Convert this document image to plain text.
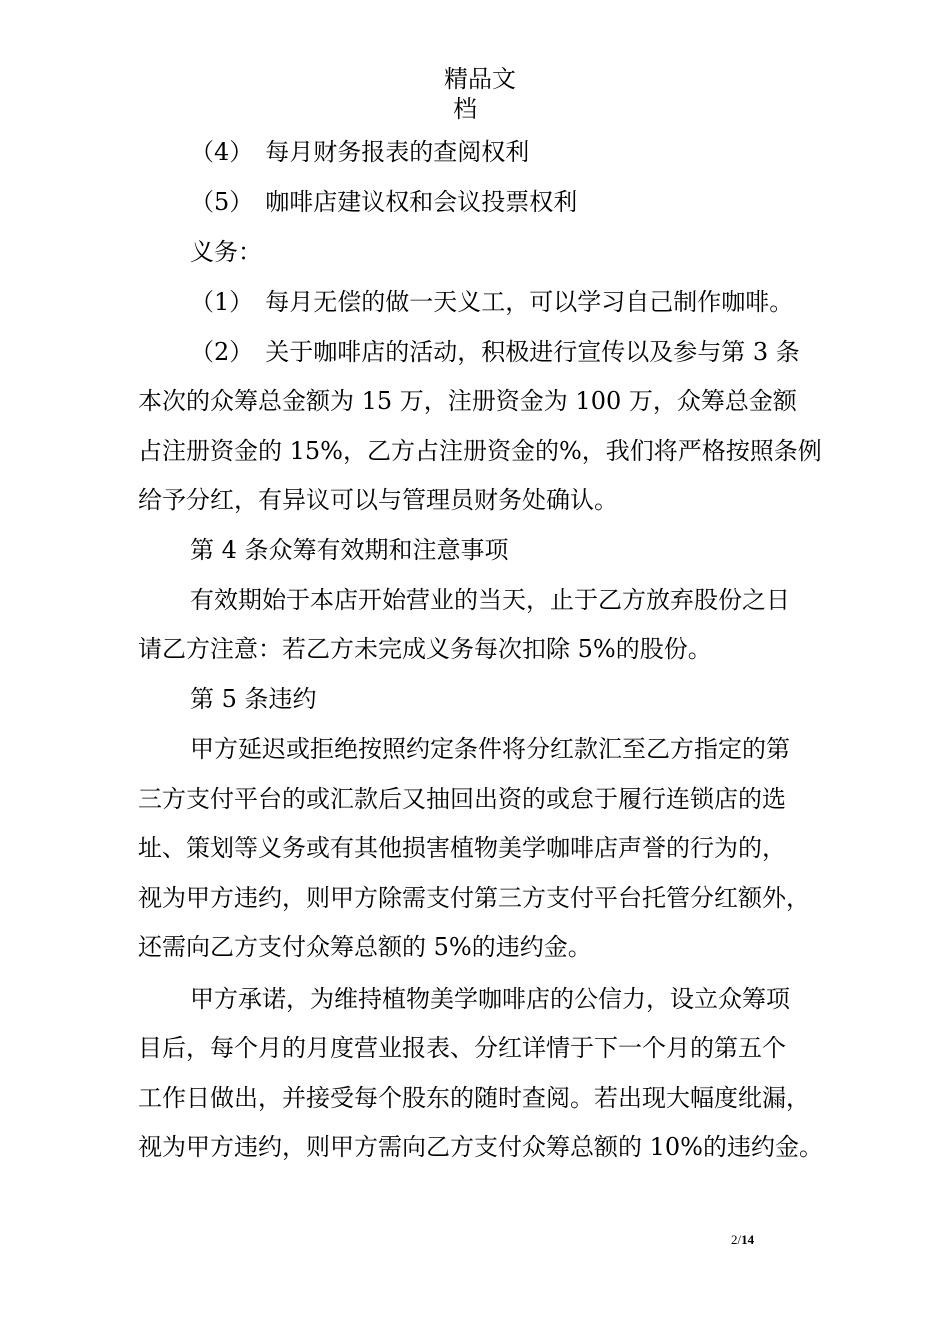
精品文
档
（4）　每月财务报表的查阅权利
（5）　咖啡店建议权和会议投票权利
义务：
（1）　每月无偿的做一天义工，可以学习自己制作咖啡。
（2）　关于咖啡店的活动，积极进行宣传以及参与第 3 条
本次的众筹总金额为 15 万，注册资金为 100 万，众筹总金额
占注册资金的 15%，乙方占注册资金的%，我们将严格按照条例
给予分红，有异议可以与管理员财务处确认。
第 4 条众筹有效期和注意事项
有效期始于本店开始营业的当天，止于乙方放弃股份之日
请乙方注意：若乙方未完成义务每次扣除 5%的股份。
第 5 条违约
甲方延迟或拒绝按照约定条件将分红款汇至乙方指定的第
三方支付平台的或汇款后又抽回出资的或怠于履行连锁店的选
址、策划等义务或有其他损害植物美学咖啡店声誉的行为的，
视为甲方违约，则甲方除需支付第三方支付平台托管分红额外，
还需向乙方支付众筹总额的 5%的违约金。
甲方承诺，为维持植物美学咖啡店的公信力，设立众筹项
目后，每个月的月度营业报表、分红详情于下一个月的第五个
工作日做出，并接受每个股东的随时查阅。若出现大幅度纰漏，
视为甲方违约，则甲方需向乙方支付众筹总额的 10%的违约金。
2/14
